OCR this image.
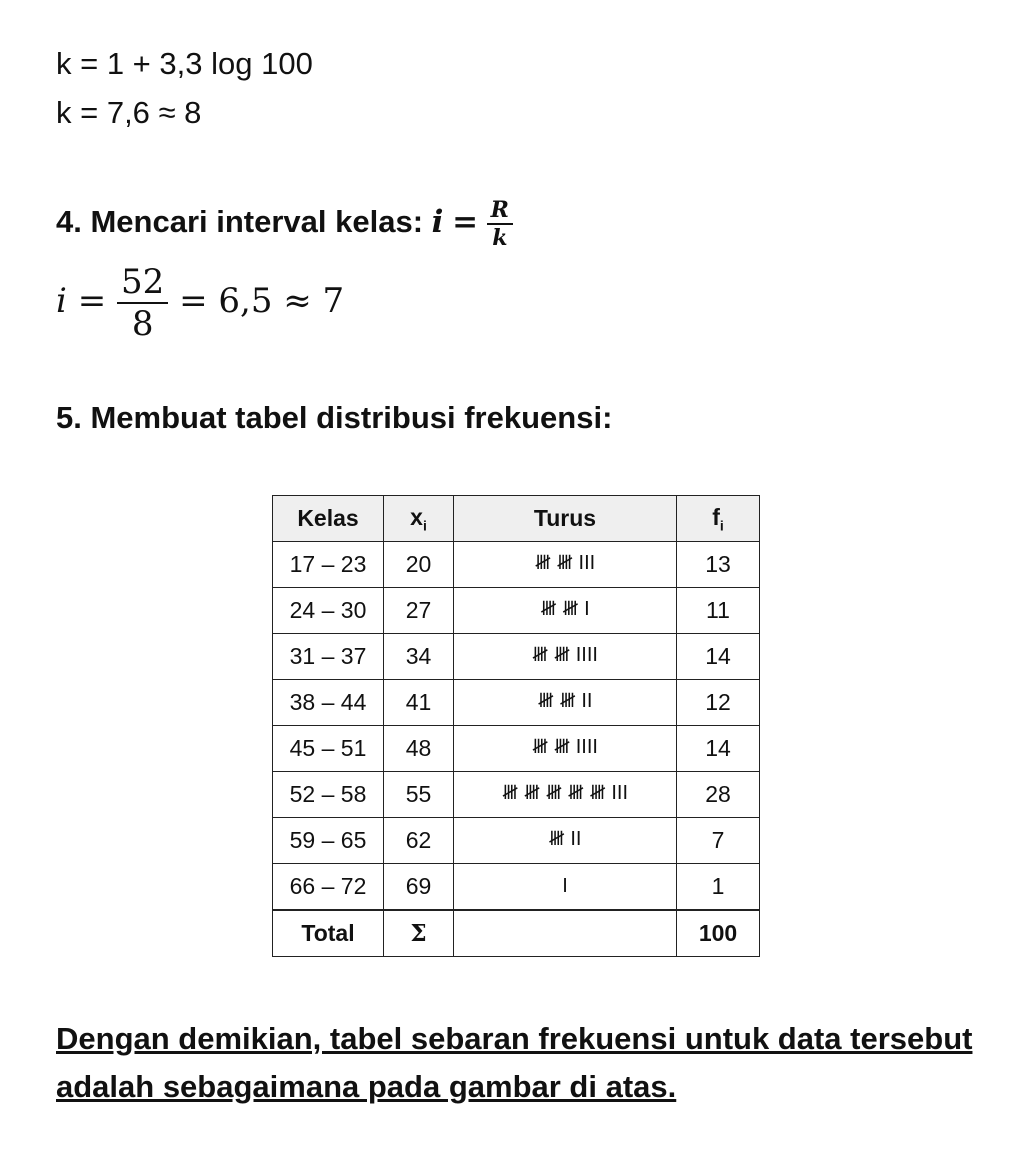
k = 1 + 3,3 log 100
k = 7,6 ≈ 8
4. Mencari interval kelas: $i = \frac{R}{k}$
$i = \frac{52}{8} = 6,5 \approx 7$
5. Membuat tabel distribusi frekuensi:
Kelas	$x_i$	Turus	$f_i$
17 – 23	20	𝍸 𝍸 III	13
24 – 30	27	𝍸 𝍸 I	11
31 – 37	34	𝍸 𝍸 IIII	14
38 – 44	41	𝍸 𝍸 II	12
45 – 51	48	𝍸 𝍸 IIII	14
52 – 58	55	𝍸 𝍸 𝍸 𝍸 𝍸 III	28
59 – 65	62	𝍸 II	7
66 – 72	69	I	1
Total	Σ		100
Dengan demikian, tabel sebaran frekuensi untuk data tersebut adalah sebagaimana pada gambar di atas.
